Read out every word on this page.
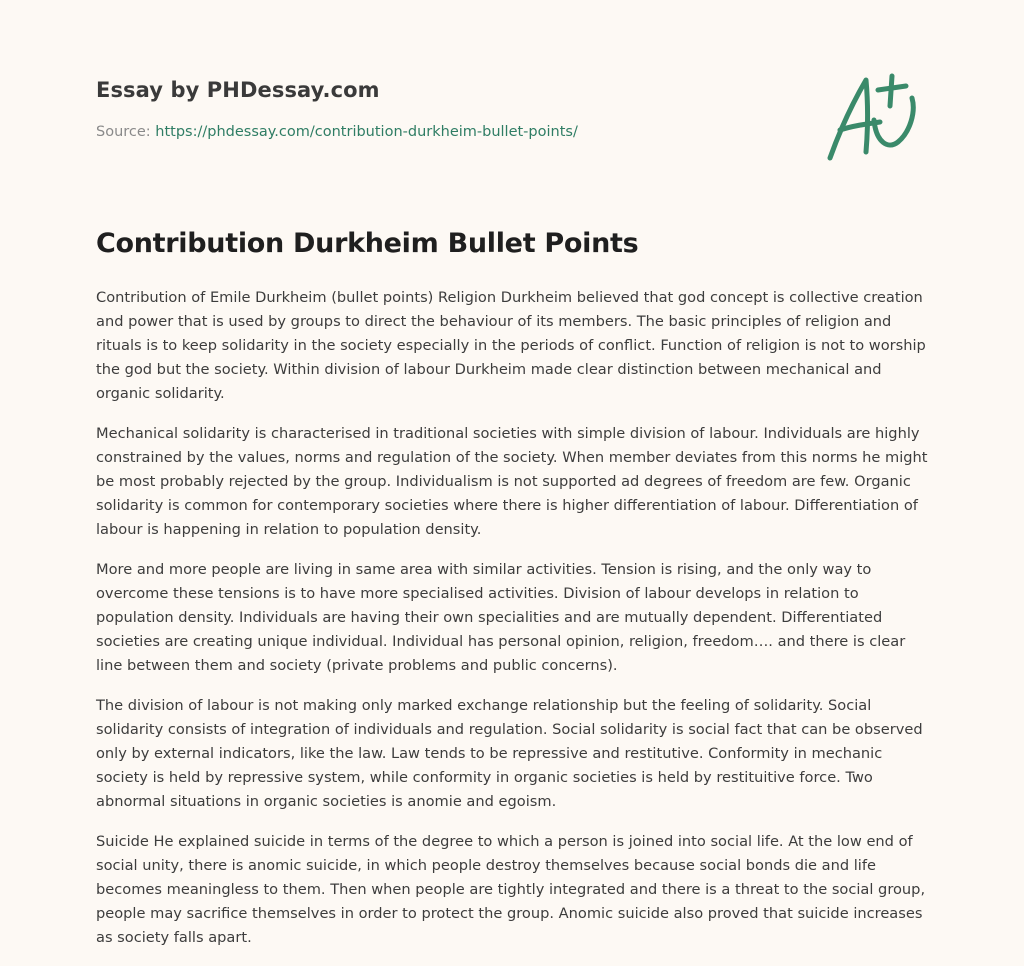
Essay by PHDessay.com

Source: https://phdessay.com/contribution-durkheim-bullet-points/

Contribution Durkheim Bullet Points

Contribution of Emile Durkheim (bullet points) Religion Durkheim believed that god concept is collective creation and power that is used by groups to direct the behaviour of its members. The basic principles of religion and rituals is to keep solidarity in the society especially in the periods of conflict. Function of religion is not to worship the god but the society. Within division of labour Durkheim made clear distinction between mechanical and organic solidarity.

Mechanical solidarity is characterised in traditional societies with simple division of labour. Individuals are highly constrained by the values, norms and regulation of the society. When member deviates from this norms he might be most probably rejected by the group. Individualism is not supported ad degrees of freedom are few. Organic solidarity is common for contemporary societies where there is higher differentiation of labour. Differentiation of labour is happening in relation to population density.

More and more people are living in same area with similar activities. Tension is rising, and the only way to overcome these tensions is to have more specialised activities. Division of labour develops in relation to population density. Individuals are having their own specialities and are mutually dependent. Differentiated societies are creating unique individual. Individual has personal opinion, religion, freedom…. and there is clear line between them and society (private problems and public concerns).

The division of labour is not making only marked exchange relationship but the feeling of solidarity. Social solidarity consists of integration of individuals and regulation. Social solidarity is social fact that can be observed only by external indicators, like the law. Law tends to be repressive and restitutive. Conformity in mechanic society is held by repressive system, while conformity in organic societies is held by restituitive force. Two abnormal situations in organic societies is anomie and egoism.

Suicide He explained suicide in terms of the degree to which a person is joined into social life. At the low end of social unity, there is anomic suicide, in which people destroy themselves because social bonds die and life becomes meaningless to them. Then when people are tightly integrated and there is a threat to the social group, people may sacrifice themselves in order to protect the group. Anomic suicide also proved that suicide increases as society falls apart.
